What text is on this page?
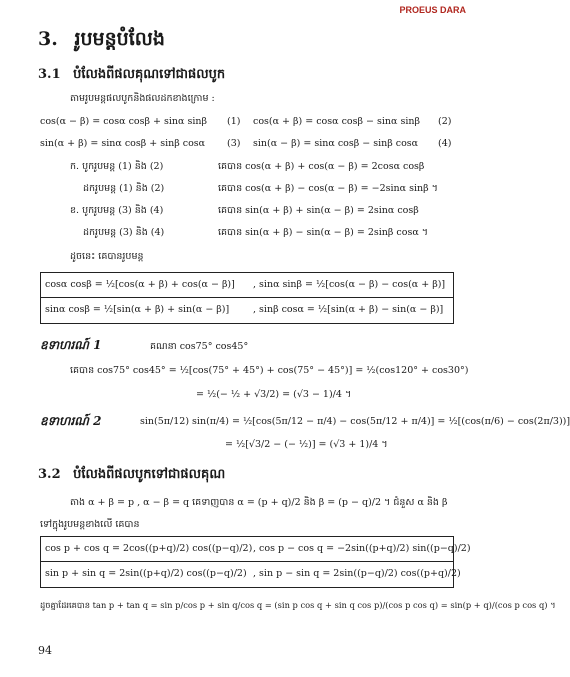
PROEUS DARA
3. រូបមន្តបំលែង
3.1 បំលែងពីផលគុណទៅជាផលបូក
តាមរូបមន្តផលបូកនិងផលដកខាងក្រោម :
cos(α − β) = cosα cosβ + sinα sinβ (1) cos(α + β) = cosα cosβ − sinα sinβ (2)
sin(α + β) = sinα cosβ + sinβ cosα (3) sin(α − β) = sinα cosβ − sinβ cosα (4)
ក. បូករូបមន្ត (1) និង (2)	គេបាន cos(α + β) + cos(α − β) = 2cosα cosβ
ដករូបមន្ត (1) និង (2)	គេបាន cos(α + β) − cos(α − β) = −2sinα sinβ ។
ខ. បូករូបមន្ត (3) និង (4)	គេបាន sin(α + β) + sin(α − β) = 2sinα cosβ
ដករូបមន្ត (3) និង (4)	គេបាន sin(α + β) − sin(α − β) = 2sinβ cosα ។
ដូចនេះ គេបានរូបមន្ត
cosα cosβ = ½[cos(α + β) + cos(α − β)] , sinα sinβ = ½[cos(α − β) − cos(α + β)]
sinα cosβ = ½[sin(α + β) + sin(α − β)]	, sinβ cosα = ½[sin(α + β) − sin(α − β)]
ឧទាហរណ៍ 1	គណនា cos75° cos45°
គេបាន cos75° cos45° = ½[cos(75° + 45°) + cos(75° − 45°)] = ½(cos120° + cos30°)
= ½(− ½ + √3/2) = (√3 − 1)/4 ។
ឧទាហរណ៍ 2	sin(5π/12) sin(π/4) = ½[cos(5π/12 − π/4) − cos(5π/12 + π/4)] = ½[(cos(π/6) − cos(2π/3))]
= ½[√3/2 − (− ½)] = (√3 + 1)/4 ។
3.2 បំលែងពីផលបូកទៅជាផលគុណ
តាង α + β = p , α − β = q គេទាញបាន α = (p + q)/2 និង β = (p − q)/2 ។ ជំនួស α និង β
ទៅក្នុងរូបមន្តខាងលើ គេបាន
cos p + cos q = 2cos((p+q)/2) cos((p−q)/2) , cos p − cos q = −2sin((p+q)/2) sin((p−q)/2)
sin p + sin q = 2sin((p+q)/2) cos((p−q)/2) , sin p − sin q = 2sin((p−q)/2) cos((p+q)/2)
ដូចគ្នាដែរគេបាន tan p + tan q = sin p/cos p + sin q/cos q = (sin p cos q + sin q cos p)/(cos p cos q) = sin(p + q)/(cos p cos q) ។
94
